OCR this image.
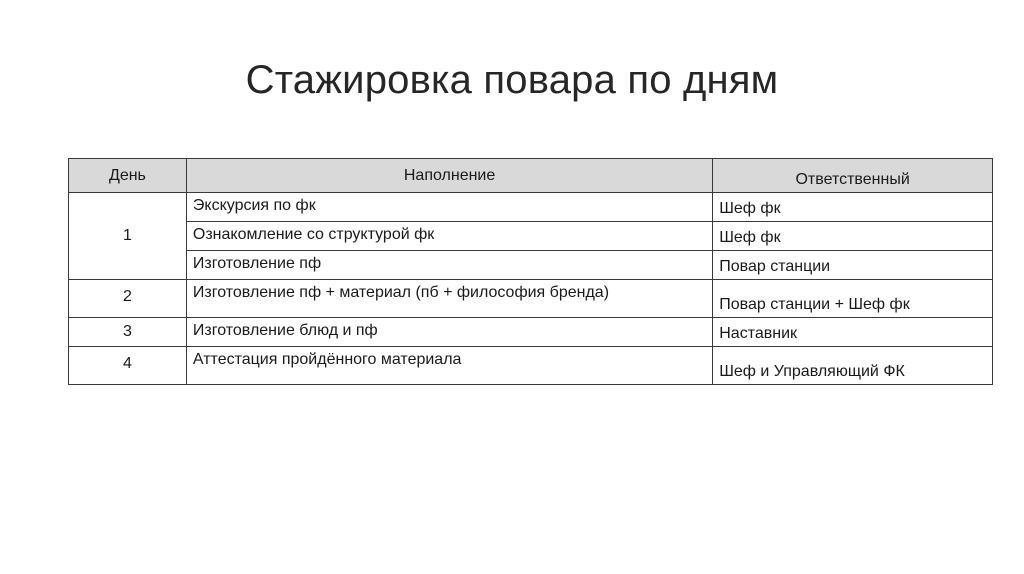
Стажировка повара по дням
День	Наполнение	Ответственный
1	Экскурсия по фк	Шеф фк
	Ознакомление со структурой фк	Шеф фк
	Изготовление пф	Повар станции
2	Изготовление пф + материал (пб + философия бренда)	Повар станции + Шеф фк
3	Изготовление блюд и пф	Наставник
4	Аттестация пройдённого материала	Шеф и Управляющий ФК
